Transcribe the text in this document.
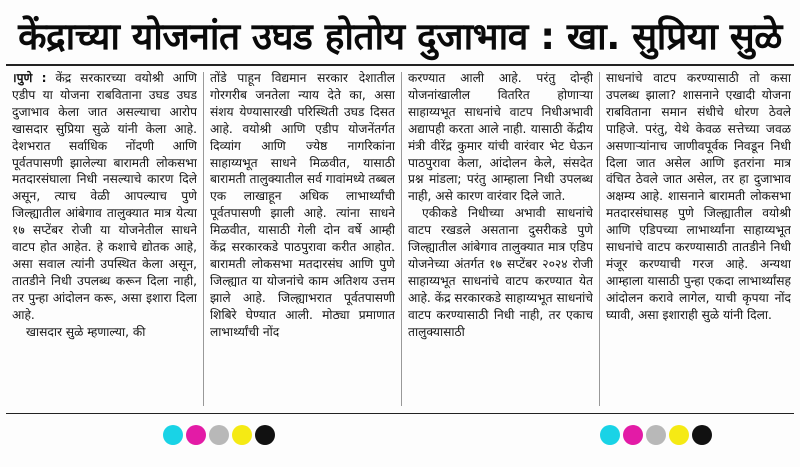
केंद्राच्या योजनांत उघड होतोय दुजाभाव : खा. सुप्रिया सुळे

।पुणे : केंद्र सरकारच्या वयोश्री आणि एडीप या योजना राबविताना उघड उघड दुजाभाव केला जात असल्याचा आरोप खासदार सुप्रिया सुळे यांनी केला आहे. देशभरात सर्वाधिक नोंदणी आणि पूर्वतपासणी झालेल्या बारामती लोकसभा मतदारसंघाला निधी नसल्याचे कारण दिले असून, त्याच वेळी आपल्याच पुणे जिल्ह्यातील आंबेगाव तालुक्यात मात्र येत्या १७ सप्टेंबर रोजी या योजनेतील साधने वाटप होत आहेत. हे कशाचे द्योतक आहे, असा सवाल त्यांनी उपस्थित केला असून, तातडीने निधी उपलब्ध करून दिला नाही, तर पुन्हा आंदोलन करू, असा इशारा दिला आहे.

खासदार सुळे म्हणाल्या, की

तोंडे पाहून विद्यमान सरकार देशातील गोरगरीब जनतेला न्याय देते का, असा संशय येण्यासारखी परिस्थिती उघड दिसत आहे. वयोश्री आणि एडीप योजनेंतर्गत दिव्यांग आणि ज्येष्ठ नागरिकांना साहाय्यभूत साधने मिळवीत, यासाठी बारामती तालुक्यातील सर्व गावांमध्ये तब्बल एक लाखाहून अधिक लाभार्थ्यांची पूर्वतपासणी झाली आहे. त्यांना साधने मिळवीत, यासाठी गेली दोन वर्षे आम्ही केंद्र सरकारकडे पाठपुरावा करीत आहोत. बारामती लोकसभा मतदारसंघ आणि पुणे जिल्ह्यात या योजनांचे काम अतिशय उत्तम झाले आहे. जिल्ह्याभरात पूर्वतपासणी शिबिरे घेण्यात आली. मोठ्या प्रमाणात लाभार्थ्यांची नोंद

करण्यात आली आहे. परंतु दोन्ही योजनांखालील वितरित होणाऱ्या साहाय्यभूत साधनांचे वाटप निधीअभावी अद्यापही करता आले नाही. यासाठी केंद्रीय मंत्री वीरेंद्र कुमार यांची वारंवार भेट घेऊन पाठपुरावा केला, आंदोलन केले, संसदेत प्रश्न मांडला; परंतु आम्हाला निधी उपलब्ध नाही, असे कारण वारंवार दिले जाते.

एकीकडे निधीच्या अभावी साधनांचे वाटप रखडले असताना दुसरीकडे पुणे जिल्ह्यातील आंबेगाव तालुक्यात मात्र एडिप योजनेच्या अंतर्गत १७ सप्टेंबर २०२४ रोजी साहाय्यभूत साधनांचे वाटप करण्यात येत आहे. केंद्र सरकारकडे साहाय्यभूत साधनांचे वाटप करण्यासाठी निधी नाही, तर एकाच तालुक्यासाठी

साधनांचे वाटप करण्यासाठी तो कसा उपलब्ध झाला? शासनाने एखादी योजना राबविताना समान संधीचे धोरण ठेवले पाहिजे. परंतु, येथे केवळ सत्तेच्या जवळ असणाऱ्यांनाच जाणीवपूर्वक निवडून निधी दिला जात असेल आणि इतरांना मात्र वंचित ठेवले जात असेल, तर हा दुजाभाव अक्षम्य आहे. शासनाने बारामती लोकसभा मतदारसंघासह पुणे जिल्ह्यातील वयोश्री आणि एडिपच्या लाभार्थ्यांना साहाय्यभूत साधनांचे वाटप करण्यासाठी तातडीने निधी मंजूर करण्याची गरज आहे. अन्यथा आम्हाला यासाठी पुन्हा एकदा लाभार्थ्यांसह आंदोलन करावे लागेल, याची कृपया नोंद घ्यावी, असा इशाराही सुळे यांनी दिला.
